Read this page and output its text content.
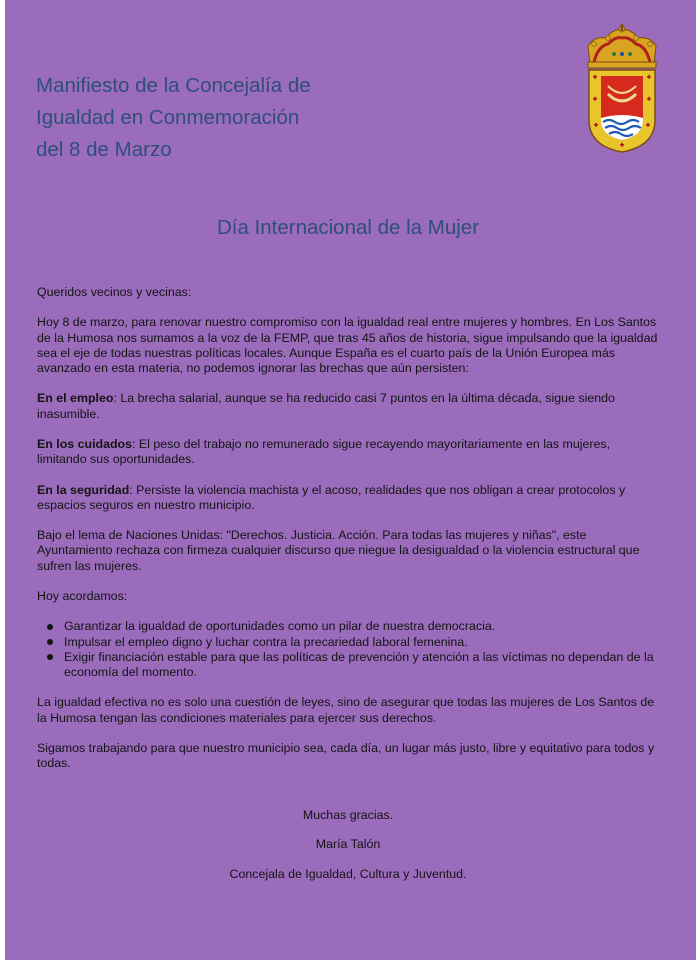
Manifiesto de la Concejalía de
Igualdad en Conmemoración
del 8 de Marzo
Día Internacional de la Mujer

Queridos vecinos y vecinas:

Hoy 8 de marzo, para renovar nuestro compromiso con la igualdad real entre mujeres y hombres. En Los Santos de la Humosa nos sumamos a la voz de la FEMP, que tras 45 años de historia, sigue impulsando que la igualdad sea el eje de todas nuestras políticas locales. Aunque España es el cuarto país de la Unión Europea más avanzado en esta materia, no podemos ignorar las brechas que aún persisten:

En el empleo: La brecha salarial, aunque se ha reducido casi 7 puntos en la última década, sigue siendo inasumible.

En los cuidados: El peso del trabajo no remunerado sigue recayendo mayoritariamente en las mujeres, limitando sus oportunidades.

En la seguridad: Persiste la violencia machista y el acoso, realidades que nos obligan a crear protocolos y espacios seguros en nuestro municipio.

Bajo el lema de Naciones Unidas: "Derechos. Justicia. Acción. Para todas las mujeres y niñas", este Ayuntamiento rechaza con firmeza cualquier discurso que niegue la desigualdad o la violencia estructural que sufren las mujeres.

Hoy acordamos:

Garantizar la igualdad de oportunidades como un pilar de nuestra democracia.
Impulsar el empleo digno y luchar contra la precariedad laboral femenina.
Exigir financiación estable para que las políticas de prevención y atención a las víctimas no dependan de la economía del momento.

La igualdad efectiva no es solo una cuestión de leyes, sino de asegurar que todas las mujeres de Los Santos de la Humosa tengan las condiciones materiales para ejercer sus derechos.

Sigamos trabajando para que nuestro municipio sea, cada día, un lugar más justo, libre y equitativo para todos y todas.

Muchas gracias.

María Talón

Concejala de Igualdad, Cultura y Juventud.
